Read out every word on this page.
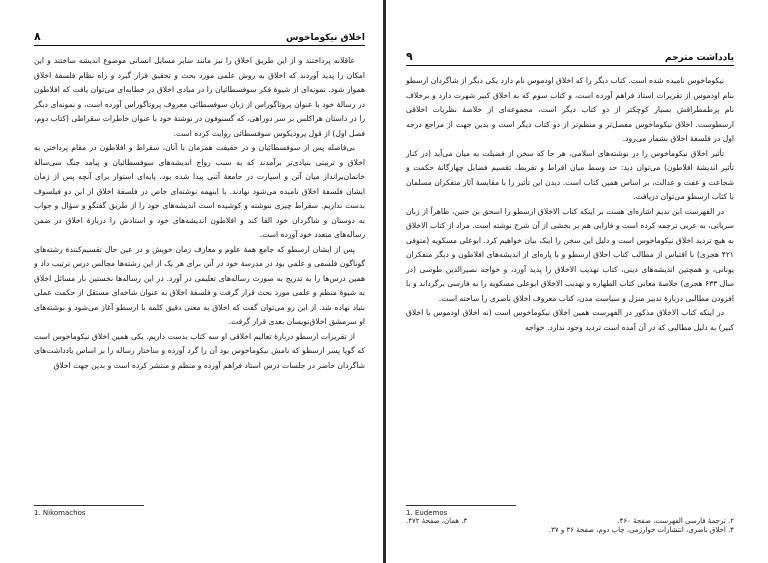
اخلاق نیکوماخوس
۸

عاقلانه پرداختند و از این طریق اخلاق را نیز مانند سایر مسایل انسانی موضوع اندیشه ساختند و این امکان را پدید آوردند که اخلاق به روش علمی مورد بحث و تحقیق قرار گیرد و راه نظام فلسفهٔ اخلاق هموار شود. نمونه‌ای از شیوهٔ فکر سوفسطائیان را در مبادی اخلاق در خطابه‌ای می‌توان یافت که افلاطون در رسالهٔ خود با عنوان پروتاگوراس از زبان سوفسطائی معروف پروتاگوراس آورده است، و نمونه‌ای دیگر را در داستان هراکلس بر سر دوراهی، که گسنوفون در نوشتهٔ خود با عنوان خاطرات سقراطی (کتاب دوم، فصل اول) از قول پرودیکوس سوفسطائی روایت کرده است.

بی‌فاصله پس از سوفسطائیان و در حقیقت همزمان با آنان، سقراط و افلاطون در مقام پرداختن به اخلاق و تربیتی بنیادی‌تر برآمدند که به سبب رواج اندیشه‌های سوفسطائیان و پیامد جنگ سی‌سالهٔ خانمان‌برانداز میان آتن و اسپارت در جامعهٔ آتنی پیدا شده بود، پایه‌ای استوار برای آنچه پس از زمان ایشان فلسفهٔ اخلاق نامیده می‌شود نهادند. با اینهمه نوشته‌ای خاص در فلسفهٔ اخلاق از این دو فیلسوف بدست نداریم. سقراط چیزی ننوشته و کوشیده است اندیشه‌های خود را از طریق گفتگو و سؤال و جواب به دوستان و شاگردان خود القا کند و افلاطون اندیشه‌های خود و استادش را دربارهٔ اخلاق در ضمن رساله‌های متعدد خود آورده است.

پس از ایشان ارسطو که جامع همهٔ علوم و معارف زمان خویش و در عین حال تقسیم‌کنندهٔ رشته‌های گوناگون فلسفی و علمی بود در مدرسهٔ خود در آتن برای هر یک از این رشته‌ها مجالس درس ترتیب داد و همین درس‌ها را به تدریج به صورت رساله‌های تعلیمی در آورد. در این رساله‌ها نخستین بار مسائل اخلاق به شیوهٔ منظم و علمی مورد بحث قرار گرفت و فلسفهٔ اخلاق به عنوان شاخه‌ای مستقل از حکمت عملی بنیاد نهاده شد. از این رو می‌توان گفت که اخلاق به معنی دقیق کلمه با ارسطو آغاز می‌شود و نوشته‌های او سرمشق اخلاق‌نویسان بعدی قرار گرفت.

از تقریرات ارسطو دربارهٔ تعالیم اخلاقی او سه کتاب بدست داریم. یکی همین اخلاق نیکوماخوس است که گویا پسر ارسطو که نامش نیکوماخوس بود آن را گرد آورده و ساختار رساله را بر اساس یادداشت‌های شاگردان حاضر در جلسات درس استاد فراهم آورده و منظم و منتشر کرده است و بدین جهت اخلاق

1. Nikomachos
یادداشت مترجم
۹

نیکوماخوس نامیده شده است. کتاب دیگر را که اخلاق اودموس نام دارد یکی دیگر از شاگردان ارسطو بنام اودموس از تقریرات استاد فراهم آورده است، و کتاب سوم که به اخلاق کبیر شهرت دارد و برخلاف نام پرطمطراقش بسیار کوچکتر از دو کتاب دیگر است، مجموعه‌ای از خلاصهٔ نظریات اخلاقی ارسطوست. اخلاق نیکوماخوس مفصل‌تر و منظم‌تر از دو کتاب دیگر است و بدین جهت از مراجع درجه اول در فلسفهٔ اخلاق بشمار می‌رود.

تأثیر اخلاق نیکوماخوس را در نوشته‌های اسلامی، هر جا که سخن از فضیلت به میان می‌آید (در کنار تأثیر اندیشهٔ افلاطون) می‌توان دید: حد وسط میان افراط و تفریط، تقسیم فضایل چهارگانهٔ حکمت و شجاعت و عفت و عدالت، بر اساس همین کتاب است. دیدن این تأثیر را با مقایسهٔ آثار متفکران مسلمان با کتاب ارسطو می‌توان دریافت.

در الفهرست ابن ندیم اشاره‌ای هست بر اینکه کتاب الاخلاق ارسطو را اسحق بن حنین، ظاهراً از زبان سریانی، به عربی ترجمه کرده است و فارابی هم بر بخشی از آن شرح نوشته است. مراد از کتاب الاخلاق به هیچ تردید اخلاق نیکوماخوس است و دلیل این سخن را اینک بیان خواهیم کرد. ابوعلی مسکویه (متوفی ۴۲۱ هجری) با اقتباس از مطالب کتاب اخلاق ارسطو و با پاره‌ای از اندیشه‌های افلاطون و دیگر متفکران یونانی، و همچنین اندیشه‌های دینی، کتاب تهذیب الاخلاق را پدید آورد، و خواجه نصیرالدین طوسی (در سال ۶۳۳ هجری) خلاصهٔ معانی کتاب الطهاره و تهذیب الاخلاق ابوعلی مسکویه را به فارسی برگرداند و با افزودن مطالبی دربارهٔ تدبیر منزل و سیاست مدن، کتاب معروف اخلاق ناصری را ساخته است.

در اینکه کتاب الاخلاق مذکور در الفهرست همین اخلاق نیکوماخوس است (نه اخلاق اودموس یا اخلاق کبیر) به دلیل مطالبی که در آن آمده است تردید وجود ندارد. خواجه

1. Eudemos
۲. ترجمهٔ فارسی الفهرست، صفحهٔ ۴۶۰.
۳. همان، صفحهٔ ۴۷۲.
۴. اخلاق ناصری، انتشارات خوارزمی، چاپ دوم، صفحهٔ ۳۶ و ۳۷.
